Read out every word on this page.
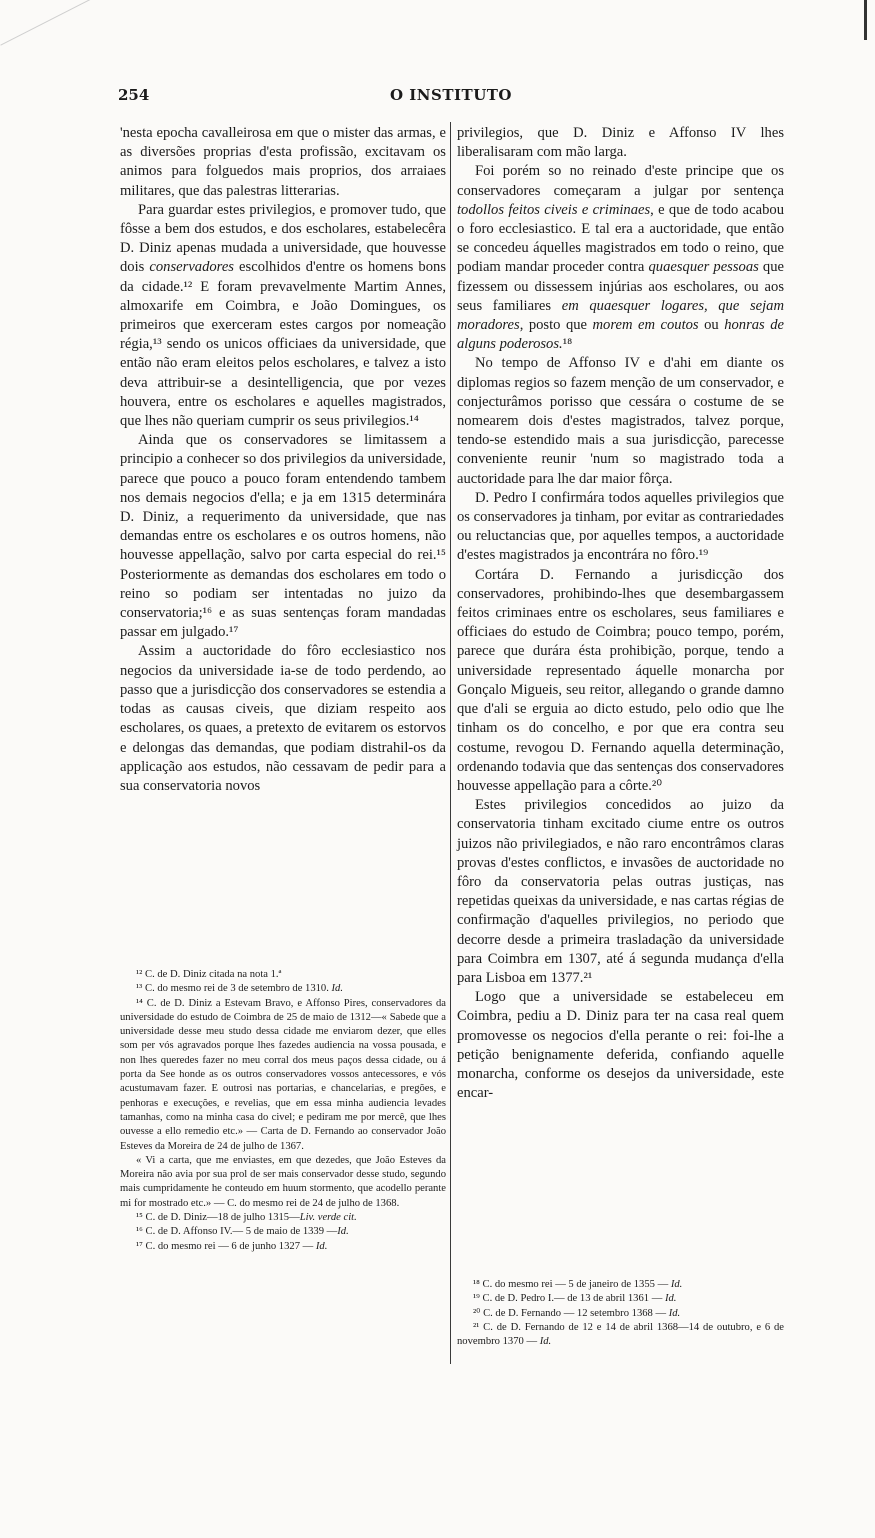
254	O INSTITUTO

'nesta epocha cavalleirosa em que o mister das armas, e as diversões proprias d'esta profissão, excitavam os animos para folguedos mais proprios, dos arraiaes militares, que das palestras litterarias.

Para guardar estes privilegios, e promover tudo, que fôsse a bem dos estudos, e dos escholares, estabelecêra D. Diniz apenas mudada a universidade, que houvesse dois conservadores escolhidos d'entre os homens bons da cidade.¹² E foram prevavelmente Martim Annes, almoxarife em Coimbra, e João Domingues, os primeiros que exerceram estes cargos por nomeação régia,¹³ sendo os unicos officiaes da universidade, que então não eram eleitos pelos escholares, e talvez a isto deva attribuir-se a desintelligencia, que por vezes houvera, entre os escholares e aquelles magistrados, que lhes não queriam cumprir os seus privilegios.¹⁴

Ainda que os conservadores se limitassem a principio a conhecer so dos privilegios da universidade, parece que pouco a pouco foram entendendo tambem nos demais negocios d'ella; e ja em 1315 determinára D. Diniz, a requerimento da universidade, que nas demandas entre os escholares e os outros homens, não houvesse appellação, salvo por carta especial do rei.¹⁵ Posteriormente as demandas dos escholares em todo o reino so podiam ser intentadas no juizo da conservatoria;¹⁶ e as suas sentenças foram mandadas passar em julgado.¹⁷

Assim a auctoridade do fôro ecclesiastico nos negocios da universidade ia-se de todo perdendo, ao passo que a jurisdicção dos conservadores se estendia a todas as causas civeis, que diziam respeito aos escholares, os quaes, a pretexto de evitarem os estorvos e delongas das demandas, que podiam distrahil-os da applicação aos estudos, não cessavam de pedir para a sua conservatoria novos

¹² C. de D. Diniz citada na nota 1.ª

¹³ C. do mesmo rei de 3 de setembro de 1310. Id.

¹⁴ C. de D. Diniz a Estevam Bravo, e Affonso Pires, conservadores da universidade do estudo de Coimbra de 25 de maio de 1312—« Sabede que a universidade desse meu studo dessa cidade me enviarom dezer, que elles som per vós agravados porque lhes fazedes audiencia na vossa pousada, e non lhes queredes fazer no meu corral dos meus paços dessa cidade, ou á porta da See honde as os outros conservadores vossos antecessores, e vós acustumavam fazer. E outrosi nas portarias, e chancelarias, e pregões, e penhoras e execuções, e revelias, que em essa minha audiencia levades tamanhas, como na minha casa do civel; e pediram me por mercê, que lhes ouvesse a ello remedio etc.» — Carta de D. Fernando ao conservador João Esteves da Moreira de 24 de julho de 1367.

« Vi a carta, que me enviastes, em que dezedes, que João Esteves da Moreira não avia por sua prol de ser mais conservador desse studo, segundo mais cumpridamente he conteudo em huum stormento, que acodello perante mi for mostrado etc.» — C. do mesmo rei de 24 de julho de 1368.

¹⁵ C. de D. Diniz—18 de julho 1315—Liv. verde cit.

¹⁶ C. de D. Affonso IV.— 5 de maio de 1339 —Id.

¹⁷ C. do mesmo rei — 6 de junho 1327 — Id.

privilegios, que D. Diniz e Affonso IV lhes liberalisaram com mão larga.

Foi porém so no reinado d'este principe que os conservadores começaram a julgar por sentença todollos feitos civeis e criminaes, e que de todo acabou o foro ecclesiastico. E tal era a auctoridade, que então se concedeu áquelles magistrados em todo o reino, que podiam mandar proceder contra quaesquer pessoas que fizessem ou dissessem injúrias aos escholares, ou aos seus familiares em quaesquer logares, que sejam moradores, posto que morem em coutos ou honras de alguns poderosos.¹⁸

No tempo de Affonso IV e d'ahi em diante os diplomas regios so fazem menção de um conservador, e conjecturâmos porisso que cessára o costume de se nomearem dois d'estes magistrados, talvez porque, tendo-se estendido mais a sua jurisdicção, parecesse conveniente reunir 'num so magistrado toda a auctoridade para lhe dar maior fôrça.

D. Pedro I confirmára todos aquelles privilegios que os conservadores ja tinham, por evitar as contrariedades ou reluctancias que, por aquelles tempos, a auctoridade d'estes magistrados ja encontrára no fôro.¹⁹

Cortára D. Fernando a jurisdicção dos conservadores, prohibindo-lhes que desembargassem feitos criminaes entre os escholares, seus familiares e officiaes do estudo de Coimbra; pouco tempo, porém, parece que durára ésta prohibição, porque, tendo a universidade representado áquelle monarcha por Gonçalo Migueis, seu reitor, allegando o grande damno que d'ali se erguia ao dicto estudo, pelo odio que lhe tinham os do concelho, e por que era contra seu costume, revogou D. Fernando aquella determinação, ordenando todavia que das sentenças dos conservadores houvesse appellação para a côrte.²⁰

Estes privilegios concedidos ao juizo da conservatoria tinham excitado ciume entre os outros juizos não privilegiados, e não raro encontrâmos claras provas d'estes conflictos, e invasões de auctoridade no fôro da conservatoria pelas outras justiças, nas repetidas queixas da universidade, e nas cartas régias de confirmação d'aquelles privilegios, no periodo que decorre desde a primeira trasladação da universidade para Coimbra em 1307, até á segunda mudança d'ella para Lisboa em 1377.²¹

Logo que a universidade se estabeleceu em Coimbra, pediu a D. Diniz para ter na casa real quem promovesse os negocios d'ella perante o rei: foi-lhe a petição benignamente deferida, confiando aquelle monarcha, conforme os desejos da universidade, este encar-

¹⁸ C. do mesmo rei — 5 de janeiro de 1355 — Id.

¹⁹ C. de D. Pedro I.— de 13 de abril 1361 — Id.

²⁰ C. de D. Fernando — 12 setembro 1368 — Id.

²¹ C. de D. Fernando de 12 e 14 de abril 1368—14 de outubro, e 6 de novembro 1370 — Id.
